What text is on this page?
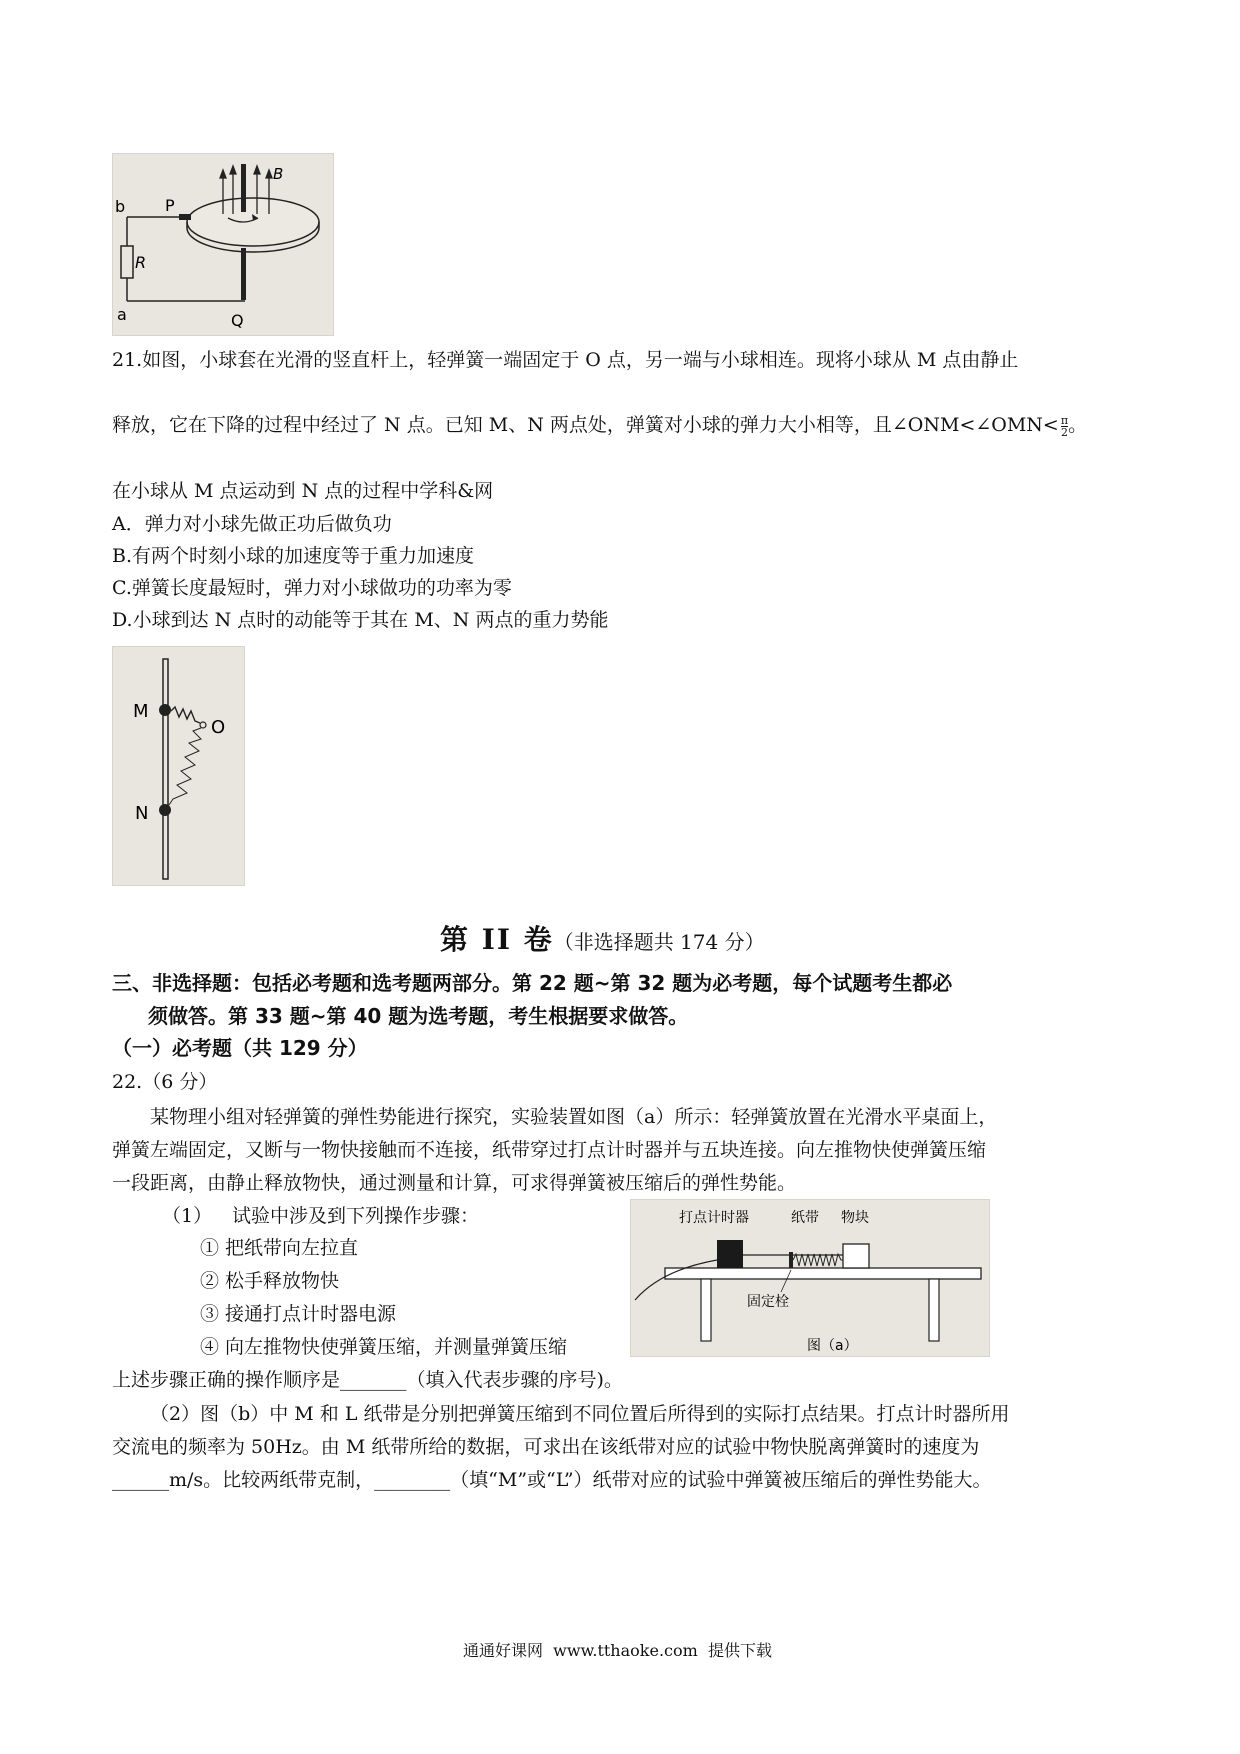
b P
B
R
a	Q
21.如图，小球套在光滑的竖直杆上，轻弹簧一端固定于 O 点，另一端与小球相连。现将小球从 M 点由静止
释放，它在下降的过程中经过了 N 点。已知 M、N 两点处，弹簧对小球的弹力大小相等，且∠ONM<∠OMN< $\frac{\pi}{2}$ 。
在小球从 M 点运动到 N 点的过程中学科&网
A．弹力对小球先做正功后做负功
B.有两个时刻小球的加速度等于重力加速度
C.弹簧长度最短时，弹力对小球做功的功率为零
D.小球到达 N 点时的动能等于其在 M、N 两点的重力势能
M
O
N
第 II 卷（非选择题共 174 分）
三、非选择题：包括必考题和选考题两部分。第 22 题~第 32 题为必考题，每个试题考生都必
须做答。第 33 题~第 40 题为选考题，考生根据要求做答。
（一）必考题（共 129 分）
22.（6 分）
某物理小组对轻弹簧的弹性势能进行探究，实验装置如图（a）所示：轻弹簧放置在光滑水平桌面上，
弹簧左端固定，又断与一物快接触而不连接，纸带穿过打点计时器并与五块连接。向左推物快使弹簧压缩
一段距离，由静止释放物快，通过测量和计算，可求得弹簧被压缩后的弹性势能。
（1） 试验中涉及到下列操作步骤：
① 把纸带向左拉直
② 松手释放物快
③ 接通打点计时器电源
④ 向左推物快使弹簧压缩，并测量弹簧压缩
打点计时器	纸带 物块
固定栓
图（a）
上述步骤正确的操作顺序是_______（填入代表步骤的序号)。
（2）图（b）中 M 和 L 纸带是分别把弹簧压缩到不同位置后所得到的实际打点结果。打点计时器所用
交流电的频率为 50Hz。由 M 纸带所给的数据，可求出在该纸带对应的试验中物快脱离弹簧时的速度为
______m/s。比较两纸带克制，________（填“M”或“L”）纸带对应的试验中弹簧被压缩后的弹性势能大。
通通好课网  www.tthaoke.com  提供下载
